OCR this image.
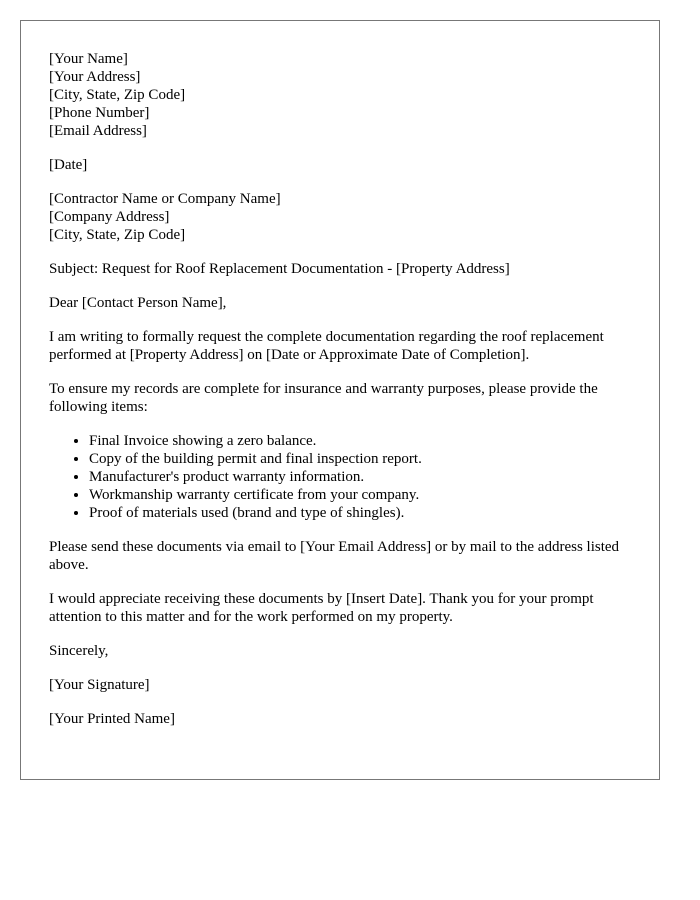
[Your Name]
[Your Address]
[City, State, Zip Code]
[Phone Number]
[Email Address]

[Date]

[Contractor Name or Company Name]
[Company Address]
[City, State, Zip Code]

Subject: Request for Roof Replacement Documentation - [Property Address]

Dear [Contact Person Name],

I am writing to formally request the complete documentation regarding the roof replacement performed at [Property Address] on [Date or Approximate Date of Completion].

To ensure my records are complete for insurance and warranty purposes, please provide the following items:

• Final Invoice showing a zero balance.
• Copy of the building permit and final inspection report.
• Manufacturer's product warranty information.
• Workmanship warranty certificate from your company.
• Proof of materials used (brand and type of shingles).

Please send these documents via email to [Your Email Address] or by mail to the address listed above.

I would appreciate receiving these documents by [Insert Date]. Thank you for your prompt attention to this matter and for the work performed on my property.

Sincerely,

[Your Signature]

[Your Printed Name]
